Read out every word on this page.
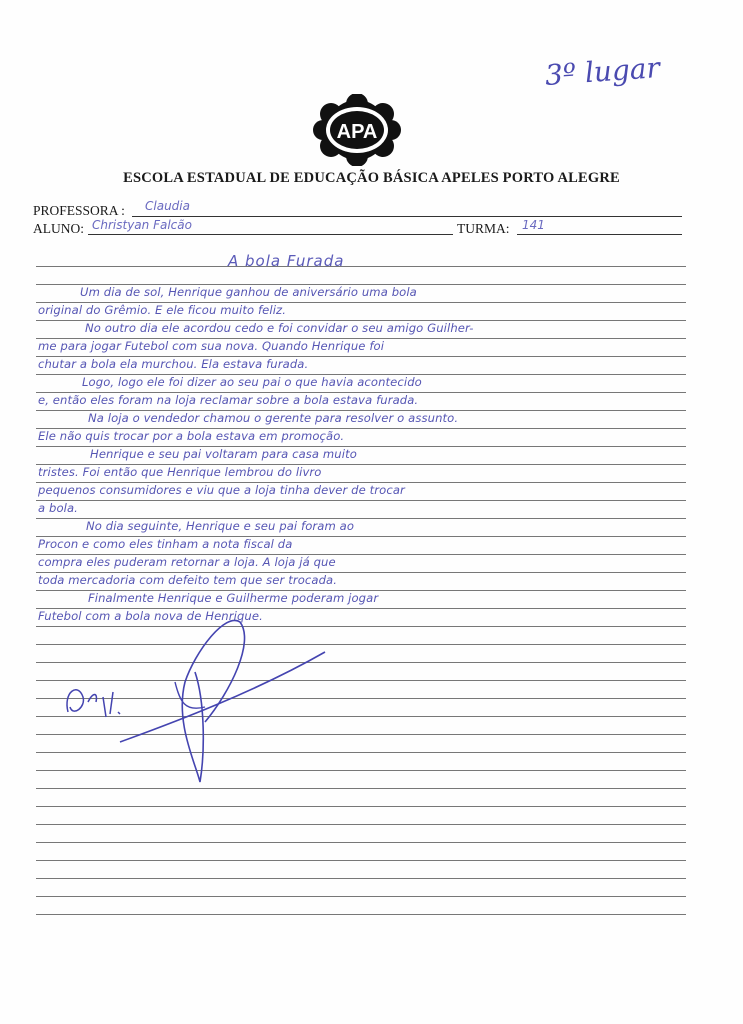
3º lugar
APA
ESCOLA ESTADUAL DE EDUCAÇÃO BÁSICA APELES PORTO ALEGRE
PROFESSORA : Claudia
ALUNO: Christyan Falcão	TURMA: 141
A bola Furada
Um dia de sol, Henrique ganhou de aniversário uma bola
original do Grêmio. E ele ficou muito feliz.
No outro dia ele acordou cedo e foi convidar o seu amigo Guilher-
me para jogar Futebol com sua nova. Quando Henrique foi
chutar a bola ela murchou. Ela estava furada.
Logo, logo ele foi dizer ao seu pai o que havia acontecido
e, então eles foram na loja reclamar sobre a bola estava furada.
Na loja o vendedor chamou o gerente para resolver o assunto.
Ele não quis trocar por a bola estava em promoção.
Henrique e seu pai voltaram para casa muito
tristes. Foi então que Henrique lembrou do livro
pequenos consumidores e viu que a loja tinha dever de trocar
a bola.
No dia seguinte, Henrique e seu pai foram ao
Procon e como eles tinham a nota fiscal da
compra eles puderam retornar a loja. A loja já que
toda mercadoria com defeito tem que ser trocada.
Finalmente Henrique e Guilherme poderam jogar
Futebol com a bola nova de Henrique.
